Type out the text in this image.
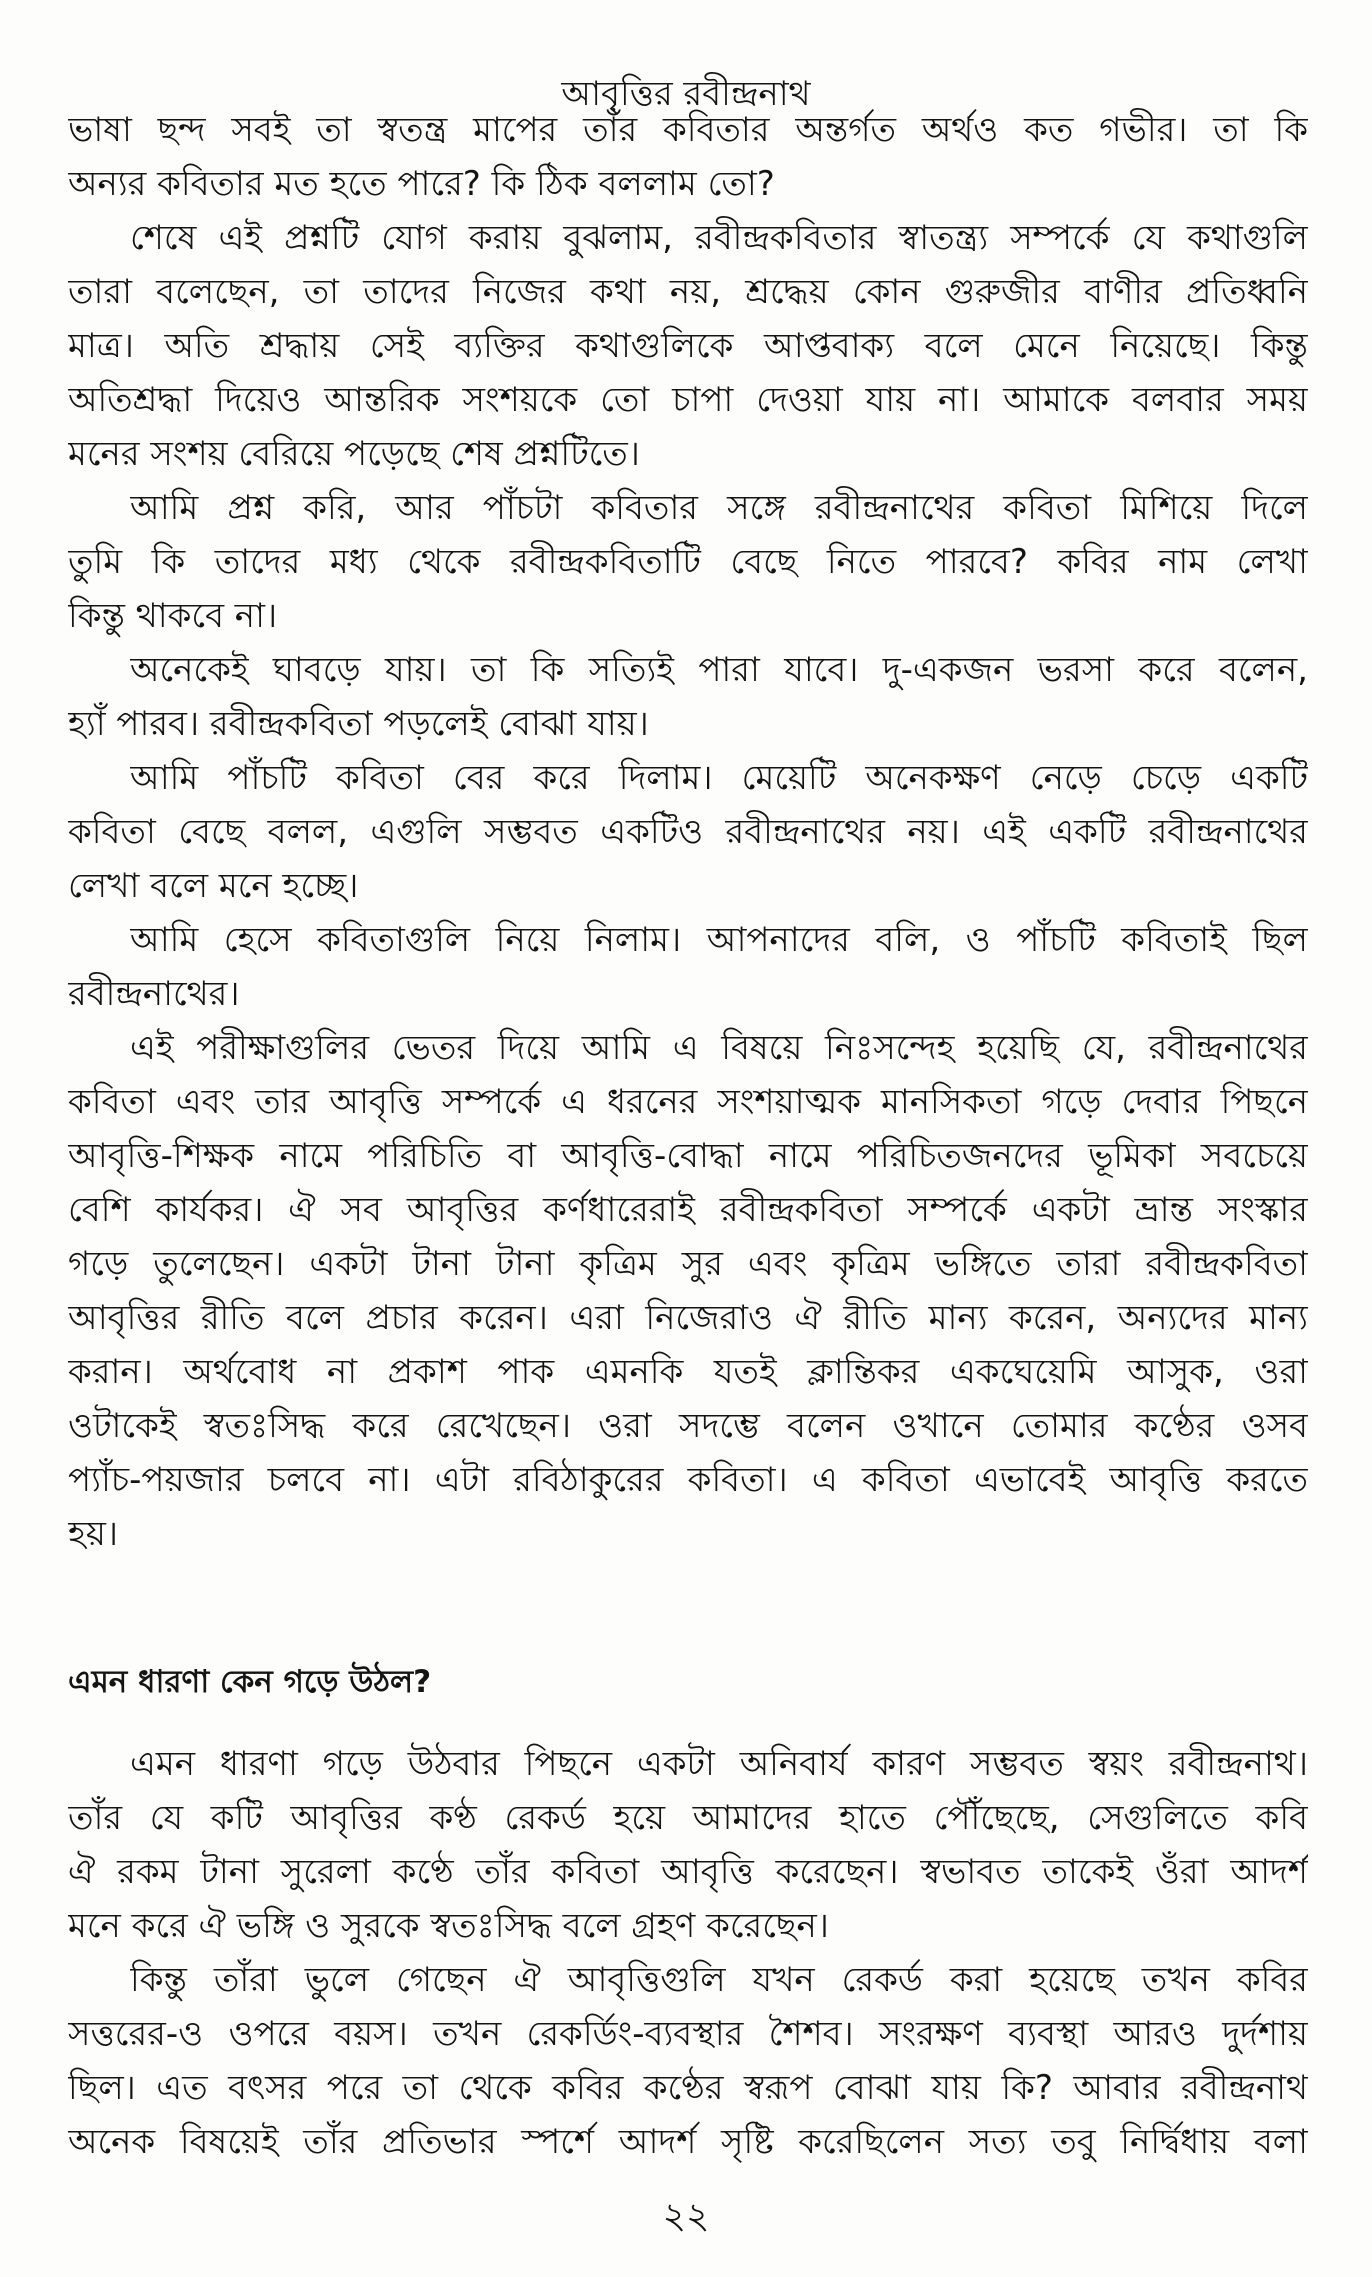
আবৃত্তির রবীন্দ্রনাথ
ভাষা ছন্দ সবই তা স্বতন্ত্র মাপের তাঁর কবিতার অন্তর্গত অর্থও কত গভীর। তা কি
অন্যর কবিতার মত হতে পারে? কি ঠিক বললাম তো?
শেষে এই প্রশ্নটি যোগ করায় বুঝলাম, রবীন্দ্রকবিতার স্বাতন্ত্র্য সম্পর্কে যে কথাগুলি
তারা বলেছেন, তা তাদের নিজের কথা নয়, শ্রদ্ধেয় কোন গুরুজীর বাণীর প্রতিধ্বনি
মাত্র। অতি শ্রদ্ধায় সেই ব্যক্তির কথাগুলিকে আপ্তবাক্য বলে মেনে নিয়েছে। কিন্তু
অতিশ্রদ্ধা দিয়েও আন্তরিক সংশয়কে তো চাপা দেওয়া যায় না। আমাকে বলবার সময়
মনের সংশয় বেরিয়ে পড়েছে শেষ প্রশ্নটিতে।
আমি প্রশ্ন করি, আর পাঁচটা কবিতার সঙ্গে রবীন্দ্রনাথের কবিতা মিশিয়ে দিলে
তুমি কি তাদের মধ্য থেকে রবীন্দ্রকবিতাটি বেছে নিতে পারবে? কবির নাম লেখা
কিন্তু থাকবে না।
অনেকেই ঘাবড়ে যায়। তা কি সত্যিই পারা যাবে। দু-একজন ভরসা করে বলেন,
হ্যাঁ পারব। রবীন্দ্রকবিতা পড়লেই বোঝা যায়।
আমি পাঁচটি কবিতা বের করে দিলাম। মেয়েটি অনেকক্ষণ নেড়ে চেড়ে একটি
কবিতা বেছে বলল, এগুলি সম্ভবত একটিও রবীন্দ্রনাথের নয়। এই একটি রবীন্দ্রনাথের
লেখা বলে মনে হচ্ছে।
আমি হেসে কবিতাগুলি নিয়ে নিলাম। আপনাদের বলি, ও পাঁচটি কবিতাই ছিল
রবীন্দ্রনাথের।
এই পরীক্ষাগুলির ভেতর দিয়ে আমি এ বিষয়ে নিঃসন্দেহ হয়েছি যে, রবীন্দ্রনাথের
কবিতা এবং তার আবৃত্তি সম্পর্কে এ ধরনের সংশয়াত্মক মানসিকতা গড়ে দেবার পিছনে
আবৃত্তি-শিক্ষক নামে পরিচিতি বা আবৃত্তি-বোদ্ধা নামে পরিচিতজনদের ভূমিকা সবচেয়ে
বেশি কার্যকর। ঐ সব আবৃত্তির কর্ণধারেরাই রবীন্দ্রকবিতা সম্পর্কে একটা ভ্রান্ত সংস্কার
গড়ে তুলেছেন। একটা টানা টানা কৃত্রিম সুর এবং কৃত্রিম ভঙ্গিতে তারা রবীন্দ্রকবিতা
আবৃত্তির রীতি বলে প্রচার করেন। এরা নিজেরাও ঐ রীতি মান্য করেন, অন্যদের মান্য
করান। অর্থবোধ না প্রকাশ পাক এমনকি যতই ক্লান্তিকর একঘেয়েমি আসুক, ওরা
ওটাকেই স্বতঃসিদ্ধ করে রেখেছেন। ওরা সদম্ভে বলেন ওখানে তোমার কণ্ঠের ওসব
প্যাঁচ-পয়জার চলবে না। এটা রবিঠাকুরের কবিতা। এ কবিতা এভাবেই আবৃত্তি করতে
হয়।
এমন ধারণা কেন গড়ে উঠল?
এমন ধারণা গড়ে উঠবার পিছনে একটা অনিবার্য কারণ সম্ভবত স্বয়ং রবীন্দ্রনাথ।
তাঁর যে কটি আবৃত্তির কণ্ঠ রেকর্ড হয়ে আমাদের হাতে পৌঁছেছে, সেগুলিতে কবি
ঐ রকম টানা সুরেলা কণ্ঠে তাঁর কবিতা আবৃত্তি করেছেন। স্বভাবত তাকেই ওঁরা আদর্শ
মনে করে ঐ ভঙ্গি ও সুরকে স্বতঃসিদ্ধ বলে গ্রহণ করেছেন।
কিন্তু তাঁরা ভুলে গেছেন ঐ আবৃত্তিগুলি যখন রেকর্ড করা হয়েছে তখন কবির
সত্তরের-ও ওপরে বয়স। তখন রেকর্ডিং-ব্যবস্থার শৈশব। সংরক্ষণ ব্যবস্থা আরও দুর্দশায়
ছিল। এত বৎসর পরে তা থেকে কবির কণ্ঠের স্বরূপ বোঝা যায় কি? আবার রবীন্দ্রনাথ
অনেক বিষয়েই তাঁর প্রতিভার স্পর্শে আদর্শ সৃষ্টি করেছিলেন সত্য তবু নির্দ্বিধায় বলা
২২
